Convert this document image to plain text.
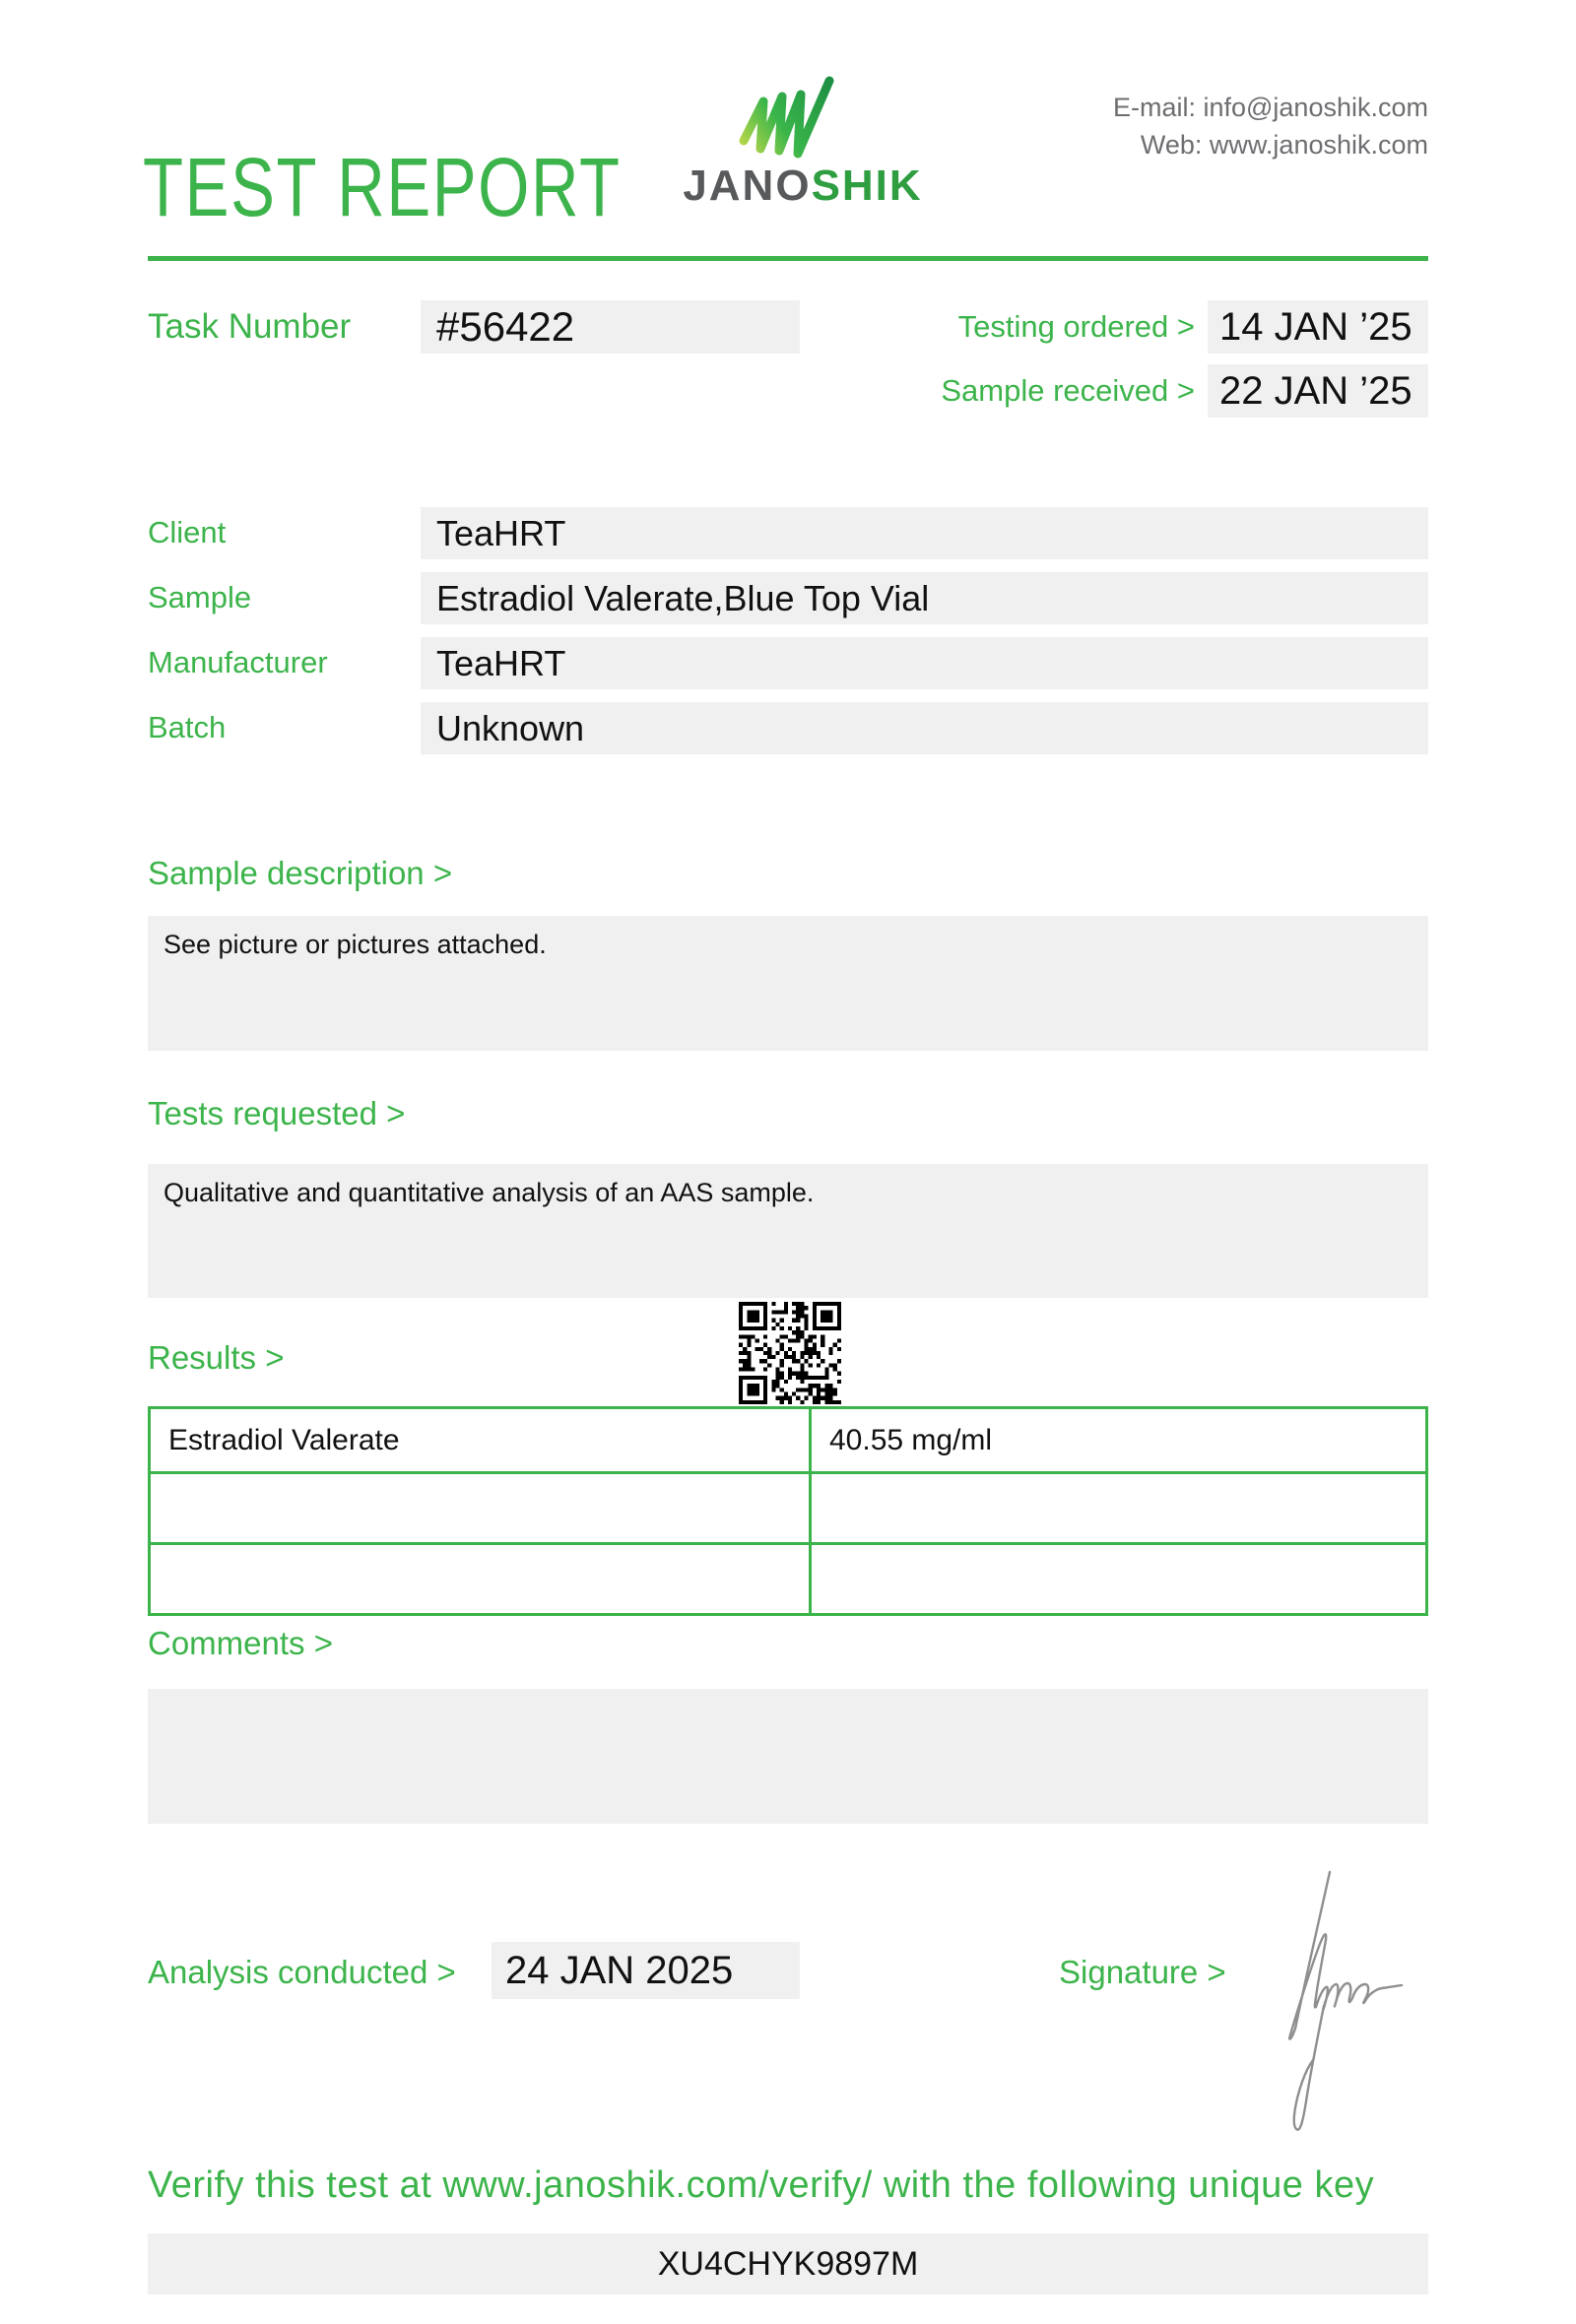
TEST REPORT JANOSHIK
E-mail: info@janoshik.com
Web: www.janoshik.com
Task Number	#56422	Testing ordered > 14 JAN ’25
Sample received > 22 JAN ’25
Client	TeaHRT
Sample	Estradiol Valerate,Blue Top Vial
Manufacturer	TeaHRT
Batch	Unknown
Sample description >
See picture or pictures attached.
Tests requested >
Qualitative and quantitative analysis of an AAS sample.
Results >
Estradiol Valerate	40.55 mg/ml

Comments >
Analysis conducted >	24 JAN 2025	Signature >
Verify this test at www.janoshik.com/verify/ with the following unique key
XU4CHYK9897M
